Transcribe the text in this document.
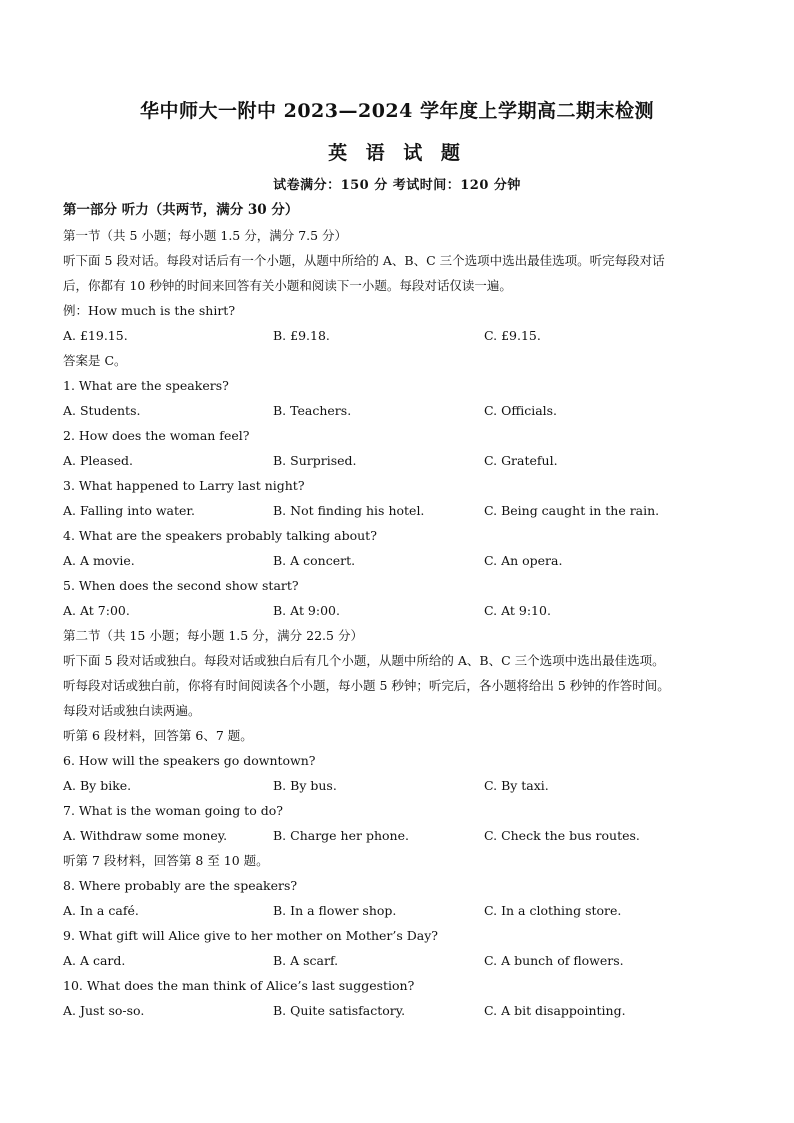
华中师大一附中 2023—2024 学年度上学期高二期末检测
英 语 试 题
试卷满分：150 分 考试时间：120 分钟
第一部分 听力（共两节，满分 30 分）
第一节（共 5 小题；每小题 1.5 分，满分 7.5 分）
听下面 5 段对话。每段对话后有一个小题，从题中所给的 A、B、C 三个选项中选出最佳选项。听完每段对话
后，你都有 10 秒钟的时间来回答有关小题和阅读下一小题。每段对话仅读一遍。
例：How much is the shirt?
A. £19.15.	B. £9.18.	C. £9.15.
答案是 C。
1. What are the speakers?
A. Students.	B. Teachers.	C. Officials.
2. How does the woman feel?
A. Pleased.	B. Surprised.	C. Grateful.
3. What happened to Larry last night?
A. Falling into water.	B. Not finding his hotel.	C. Being caught in the rain.
4. What are the speakers probably talking about?
A. A movie.	B. A concert.	C. An opera.
5. When does the second show start?
A. At 7:00.	B. At 9:00.	C. At 9:10.
第二节（共 15 小题；每小题 1.5 分，满分 22.5 分）
听下面 5 段对话或独白。每段对话或独白后有几个小题，从题中所给的 A、B、C 三个选项中选出最佳选项。
听每段对话或独白前，你将有时间阅读各个小题，每小题 5 秒钟；听完后，各小题将给出 5 秒钟的作答时间。
每段对话或独白读两遍。
听第 6 段材料，回答第 6、7 题。
6. How will the speakers go downtown?
A. By bike.	B. By bus.	C. By taxi.
7. What is the woman going to do?
A. Withdraw some money.	B. Charge her phone.	C. Check the bus routes.
听第 7 段材料，回答第 8 至 10 题。
8. Where probably are the speakers?
A. In a café.	B. In a flower shop.	C. In a clothing store.
9. What gift will Alice give to her mother on Mother’s Day?
A. A card.	B. A scarf.	C. A bunch of flowers.
10. What does the man think of Alice’s last suggestion?
A. Just so-so.	B. Quite satisfactory.	C. A bit disappointing.
